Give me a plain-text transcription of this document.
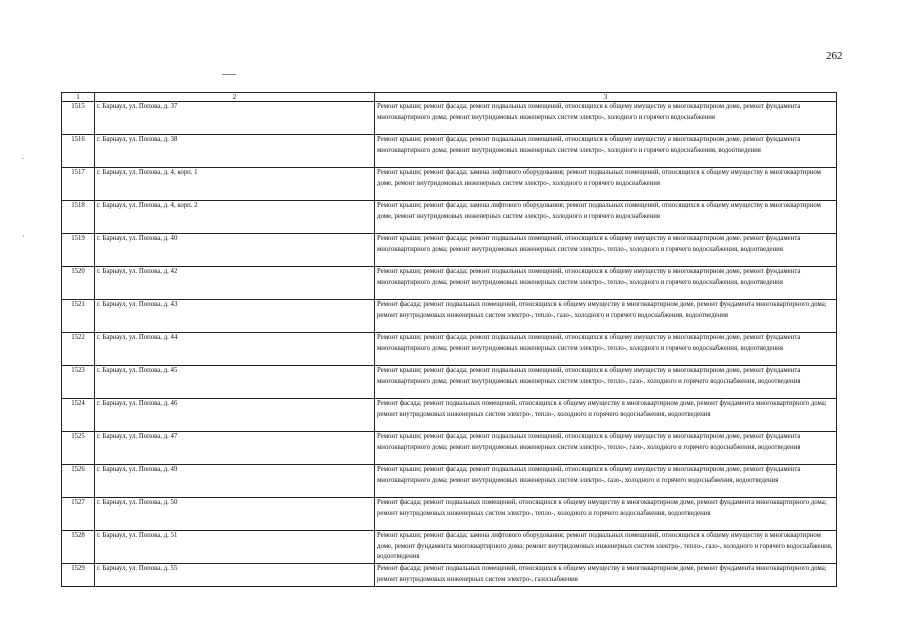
262
.
·
1	2	3
1515	г. Барнаул, ул. Попова, д. 37	Ремонт крыши; ремонт фасада; ремонт подвальных помещений, относящихся к общему имуществу в многоквартирном доме, ремонт фундамента многоквартирного дома; ремонт внутридомовых инженерных систем электро-, холодного и горячего водоснабжения
1516	г. Барнаул, ул. Попова, д. 38	Ремонт крыши; ремонт фасада; ремонт подвальных помещений, относящихся к общему имуществу в многоквартирном доме, ремонт фундамента многоквартирного дома; ремонт внутридомовых инженерных систем электро-, холодного и горячего водоснабжения, водоотведения
1517	г. Барнаул, ул. Попова, д. 4, корп. 1	Ремонт крыши; ремонт фасада; замена лифтового оборудования; ремонт подвальных помещений, относящихся к общему имуществу в многоквартирном доме, ремонт внутридомовых инженерных систем электро-, холодного и горячего водоснабжения
1518	г. Барнаул, ул. Попова, д. 4, корп. 2	Ремонт крыши; ремонт фасада; замена лифтового оборудования; ремонт подвальных помещений, относящихся к общему имуществу в многоквартирном доме, ремонт внутридомовых инженерных систем электро-, холодного и горячего водоснабжения
1519	г. Барнаул, ул. Попова, д. 40	Ремонт крыши; ремонт фасада; ремонт подвальных помещений, относящихся к общему имуществу в многоквартирном доме, ремонт фундамента многоквартирного дома; ремонт внутридомовых инженерных систем электро-, тепло-, холодного и горячего водоснабжения, водоотведения
1520	г. Барнаул, ул. Попова, д. 42	Ремонт крыши; ремонт фасада; ремонт подвальных помещений, относящихся к общему имуществу в многоквартирном доме, ремонт фундамента многоквартирного дома; ремонт внутридомовых инженерных систем электро-, тепло-, холодного и горячего водоснабжения, водоотведения
1521	г. Барнаул, ул. Попова, д. 43	Ремонт фасада; ремонт подвальных помещений, относящихся к общему имуществу в многоквартирном доме, ремонт фундамента многоквартирного дома; ремонт внутридомовых инженерных систем электро-, тепло-, газо-, холодного и горячего водоснабжения, водоотведения
1522	г. Барнаул, ул. Попова, д. 44	Ремонт крыши; ремонт фасада; ремонт подвальных помещений, относящихся к общему имуществу в многоквартирном доме, ремонт фундамента многоквартирного дома; ремонт внутридомовых инженерных систем электро-, тепло-, холодного и горячего водоснабжения, водоотведения
1523	г. Барнаул, ул. Попова, д. 45	Ремонт крыши; ремонт фасада; ремонт подвальных помещений, относящихся к общему имуществу в многоквартирном доме, ремонт фундамента многоквартирного дома; ремонт внутридомовых инженерных систем электро-, тепло-, газо-, холодного и горячего водоснабжения, водоотведения
1524	г. Барнаул, ул. Попова, д. 46	Ремонт фасада; ремонт подвальных помещений, относящихся к общему имуществу в многоквартирном доме, ремонт фундамента многоквартирного дома; ремонт внутридомовых инженерных систем электро-, тепло-, холодного и горячего водоснабжения, водоотведения
1525	г. Барнаул, ул. Попова, д. 47	Ремонт крыши; ремонт фасада; ремонт подвальных помещений, относящихся к общему имуществу в многоквартирном доме, ремонт фундамента многоквартирного дома; ремонт внутридомовых инженерных систем электро-, тепло-, газо-, холодного и горячего водоснабжения, водоотведения
1526	г. Барнаул, ул. Попова, д. 49	Ремонт крыши; ремонт фасада; ремонт подвальных помещений, относящихся к общему имуществу в многоквартирном доме, ремонт фундамента многоквартирного дома; ремонт внутридомовых инженерных систем электро-, газо-, холодного и горячего водоснабжения, водоотведения
1527	г. Барнаул, ул. Попова, д. 50	Ремонт фасада; ремонт подвальных помещений, относящихся к общему имуществу в многоквартирном доме, ремонт фундамента многоквартирного дома; ремонт внутридомовых инженерных систем электро-, тепло-, холодного и горячего водоснабжения, водоотведения
1528	г. Барнаул, ул. Попова, д. 51	Ремонт крыши; ремонт фасада; замена лифтового оборудования; ремонт подвальных помещений, относящихся к общему имуществу в многоквартирном доме, ремонт фундамента многоквартирного дома; ремонт внутридомовых инженерных систем электро-, тепло-, газо-, холодного и горячего водоснабжения, водоотведения
1529	г. Барнаул, ул. Попова, д. 55	Ремонт фасада; ремонт подвальных помещений, относящихся к общему имуществу в многоквартирном доме, ремонт фундамента многоквартирного дома; ремонт внутридомовых инженерных систем электро-, газоснабжения
